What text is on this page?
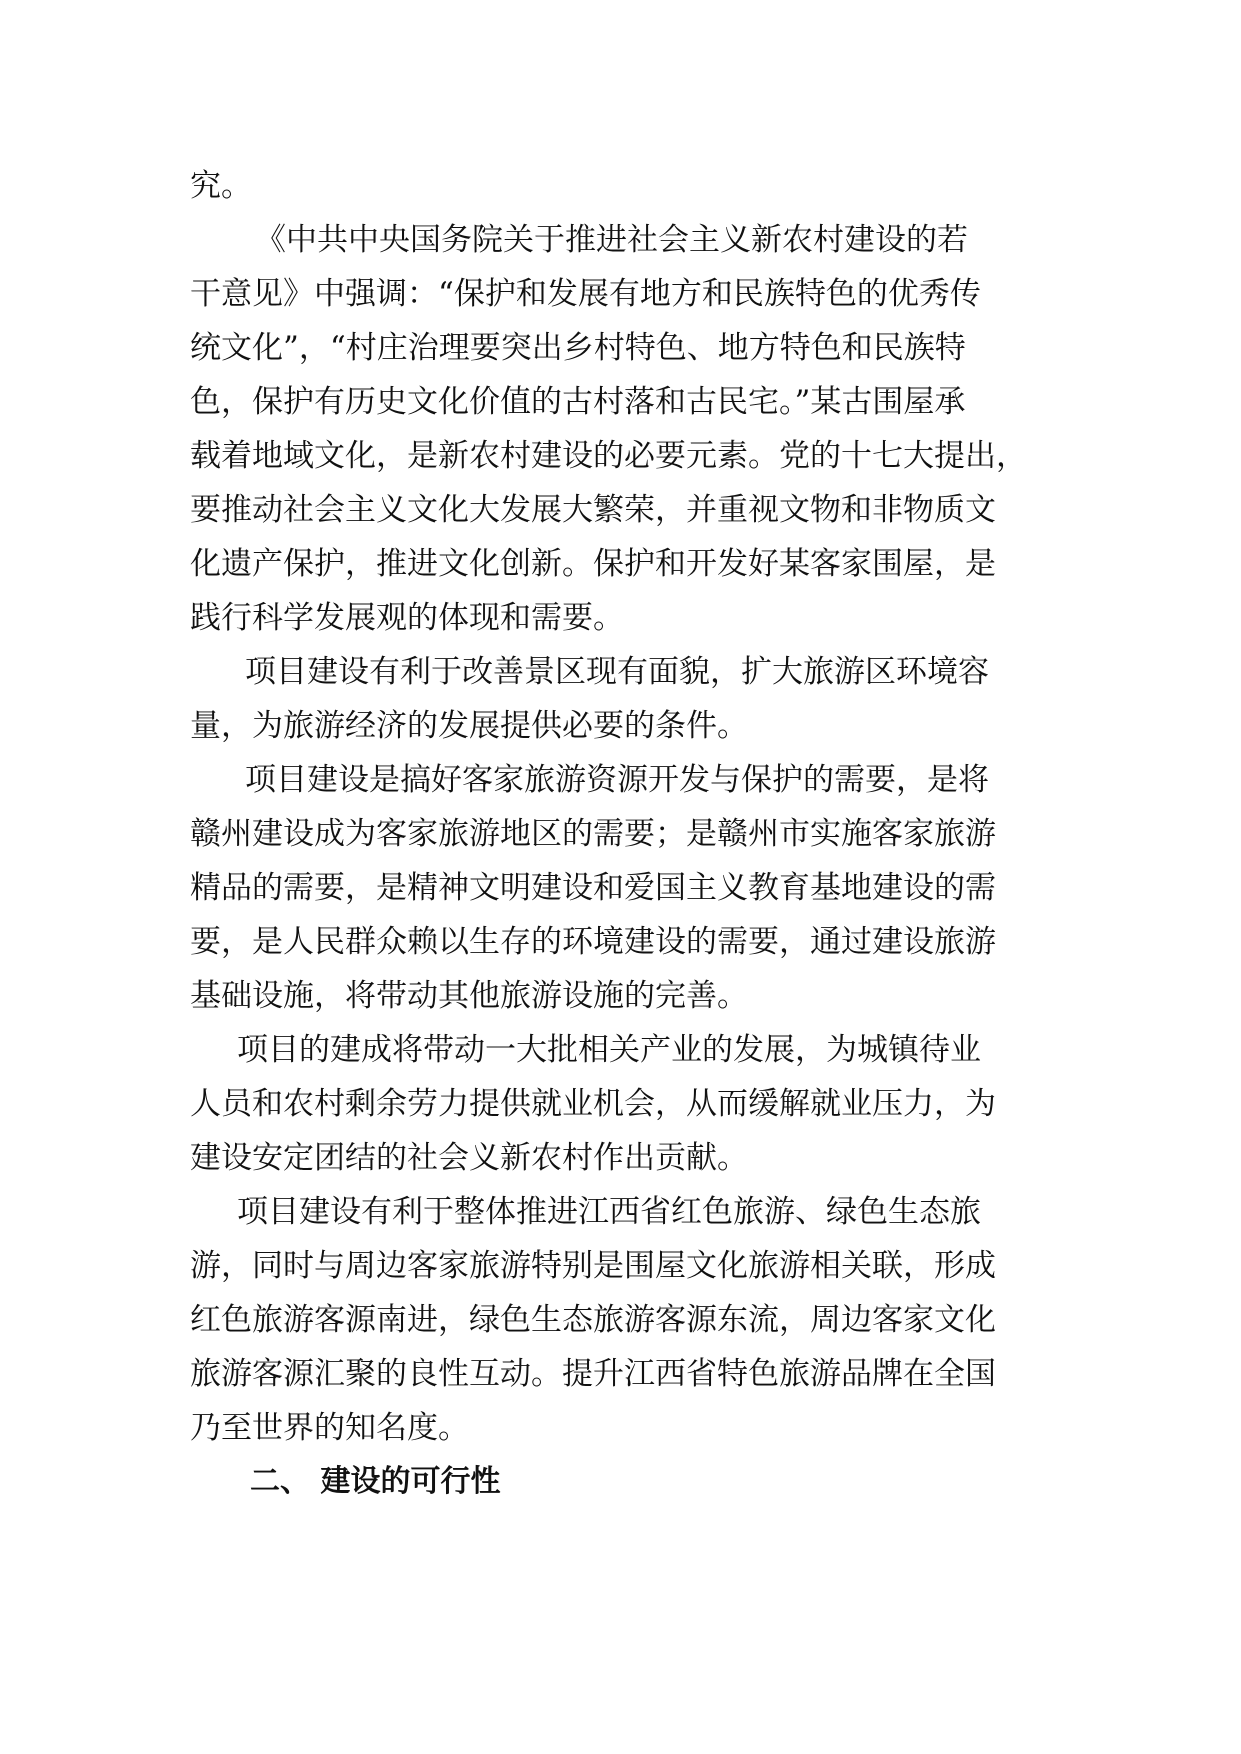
究。
《中共中央国务院关于推进社会主义新农村建设的若
干意见》中强调：“保护和发展有地方和民族特色的优秀传
统文化”，“村庄治理要突出乡村特色、地方特色和民族特
色，保护有历史文化价值的古村落和古民宅。”某古围屋承
载着地域文化，是新农村建设的必要元素。党的十七大提出，
要推动社会主义文化大发展大繁荣，并重视文物和非物质文
化遗产保护，推进文化创新。保护和开发好某客家围屋，是
践行科学发展观的体现和需要。
项目建设有利于改善景区现有面貌，扩大旅游区环境容
量，为旅游经济的发展提供必要的条件。
项目建设是搞好客家旅游资源开发与保护的需要，是将
赣州建设成为客家旅游地区的需要；是赣州市实施客家旅游
精品的需要，是精神文明建设和爱国主义教育基地建设的需
要，是人民群众赖以生存的环境建设的需要，通过建设旅游
基础设施，将带动其他旅游设施的完善。
项目的建成将带动一大批相关产业的发展，为城镇待业
人员和农村剩余劳力提供就业机会，从而缓解就业压力，为
建设安定团结的社会义新农村作出贡献。
项目建设有利于整体推进江西省红色旅游、绿色生态旅
游，同时与周边客家旅游特别是围屋文化旅游相关联，形成
红色旅游客源南进，绿色生态旅游客源东流，周边客家文化
旅游客源汇聚的良性互动。提升江西省特色旅游品牌在全国
乃至世界的知名度。
二、 建设的可行性
